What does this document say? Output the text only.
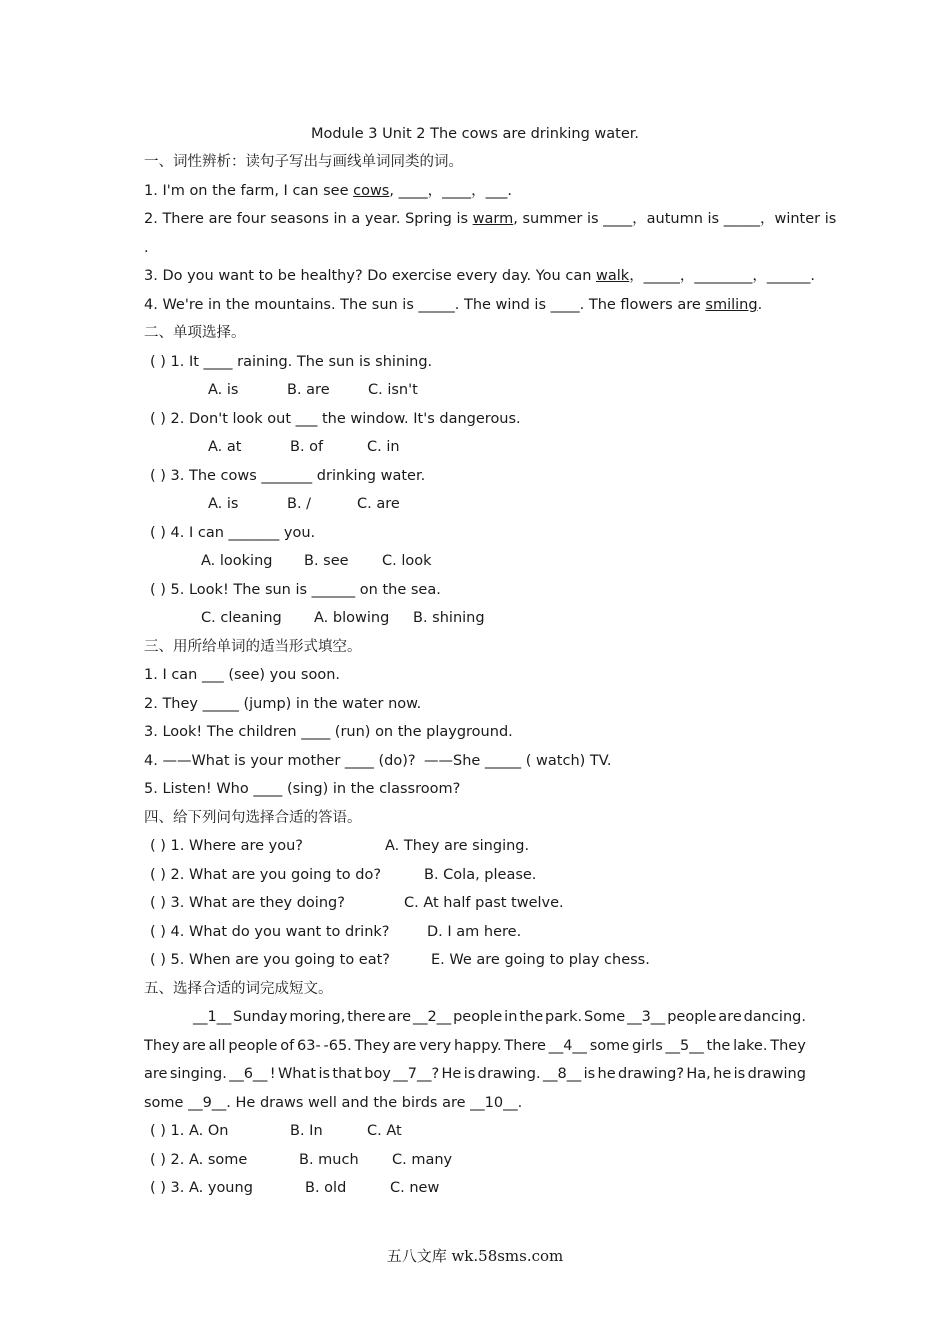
Module 3 Unit 2 The cows are drinking water.
一、词性辨析：读句子写出与画线单词同类的词。
1. I'm on the farm, I can see cows, ____，____，___.
2. There are four seasons in a year. Spring is warm, summer is ____， autumn is _____， winter is
.
3. Do you want to be healthy? Do exercise every day. You can walk，_____，________，______.
4. We're in the mountains. The sun is _____. The wind is ____. The flowers are smiling.
二、单项选择。
( ) 1. It ____ raining. The sun is shining.
A. is	B. are	C. isn't
( ) 2. Don't look out ___ the window. It's dangerous.
A. at	B. of	C. in
( ) 3. The cows _______ drinking water.
A. is	B. /	C. are
( ) 4. I can _______ you.
A. looking B. see C. look
( ) 5. Look! The sun is ______ on the sea.
C. cleaning A. blowing B. shining
三、用所给单词的适当形式填空。
1. I can ___ (see) you soon.
2. They _____ (jump) in the water now.
3. Look! The children ____ (run) on the playground.
4. ——What is your mother ____ (do)? ——She _____ ( watch) TV.
5. Listen! Who ____ (sing) in the classroom?
四、给下列问句选择合适的答语。
( ) 1. Where are you?	A. They are singing.
( ) 2. What are you going to do?	B. Cola, please.
( ) 3. What are they doing?	C. At half past twelve.
( ) 4. What do you want to drink?	D. I am here.
( ) 5. When are you going to eat?	E. We are going to play chess.
五、选择合适的词完成短文。
__1__ Sunday moring, there are __2__ people in the park. Some __3__ people are dancing.
They are all people of 63- -65. They are very happy. There __4__ some girls __5__ the lake. They
are singing. __6__ ! What is that boy __7__? He is drawing. __8__ is he drawing? Ha, he is drawing
some __9__. He draws well and the birds are __10__.
( ) 1. A. On	B. In	C. At
( ) 2. A. some	B. much C. many
( ) 3. A. young	B. old	C. new
五八文库 wk.58sms.com
